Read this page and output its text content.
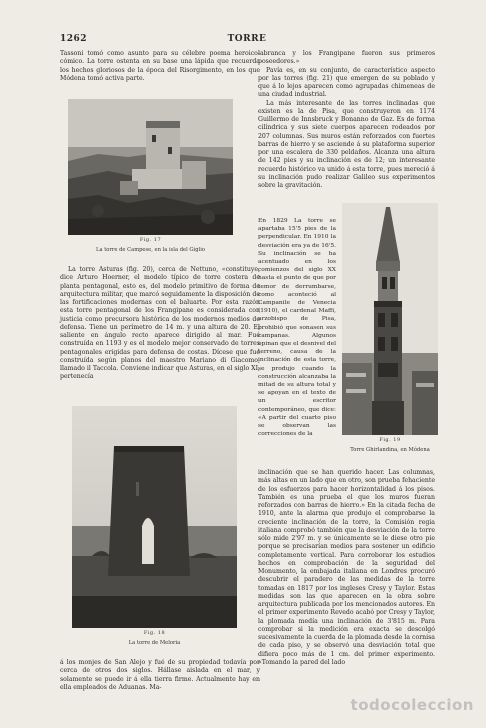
1262	TORRE

Tassoni tomó como asunto para su célebre poema heroico-cómico. La torre ostenta en su base una lápida que recuerda los hechos gloriosos de la época del Risorgimento, en los que Módena tomó activa parte.

Fig. 17
La torre de Campese, en la isla del Giglio

La torre Asturas (fig. 20), cerca de Nettuno, «constituye, dice Arturo Hoerner, el modelo típico de torre costera de planta pentagonal, esto es, del modelo primitivo de forma de arquitectura militar, que marcó seguidamente la disposición de las fortificaciones modernas con el baluarte. Por esta razón esta torre pentagonal de los Frangipane es considerada con justicia como precursora histórica de los modernos medios de defensa. Tiene un perímetro de 14 m. y una altura de 20. El saliente en ángulo recto aparece dirigido al mar. Fué construída en 1193 y es el modelo mejor conservado de torres pentagonales erigidas para defensa de costas. Dícese que fué construída según planos del maestro Mariano di Giacomo, llamado il Taccola. Conviene indicar que Asturas, en el siglo XI, pertenecía

Fig. 18
La torre de Meloria

á los monjes de San Alejo y fué de su propiedad todavía por cerca de otros dos siglos. Hállase aislada en el mar, y solamente se puede ir á ella tierra firme. Actualmente hay en ella empleados de Aduanas. Ma-

labranca y los Frangipane fueron sus primeros poseedores.»

Pavía es, en su conjunto, de característico aspecto por las torres (fig. 21) que emergen de su poblado y que á lo lejos aparecen como agrupadas chimeneas de una ciudad industrial.

La más interesante de las torres inclinadas que existen es la de Pisa, que construyeron en 1174 Guillermo de Innsbruck y Bonanno de Gaz. Es de forma cilíndrica y sus siete cuerpos aparecen rodeados por 207 columnas. Sus muros están reforzados con fuertes barras de hierro y se asciende á su plataforma superior por una escalera de 330 peldaños. Alcanza una altura de 142 pies y su inclinación es de 12; un interesante recuerdo histórico va unido á esta torre, pues mereció á su inclinación pudo realizar Galileo sus experimentos sobre la gravitación.

En 1829 La torre se apartaba 15'5 pies de la perpendicular. En 1910 la desviación era ya de 16'5. Su inclinación se ha acentuado en los comienzos del siglo XX hasta el punto de que por temor de derrumbarse, como aconteció al Campanile de Venecia (1910), el cardenal Maffi, arzobispo de Pisa, prohibió que sonasen sus campanas. Algunos opinan que el desnivel del terreno, causa de la inclinación de esta torre, se produjo cuando la construcción alcanzaba la mitad de su altura total y se apoyan en el texto de un escritor contemporáneo, que dice: «A partir del cuarto piso se observan las correcciones de la

Fig. 19
Torre Ghirlandina, en Módena

inclinación que se han querido hacer. Las columnas, más altas en un lado que en otro, son prueba fehaciente de los esfuerzos para hacer horizontalidad á los pisos. También es una prueba el que los muros fueran reforzados con barras de hierro.» En la citada fecha de 1910, ante la alarma que produjo el comprobarse la creciente inclinación de la torre, la Comisión regia italiana comprobó también que la desviación de la torre sólo mide 2'97 m. y se únicamente se le diese otro pie porque se precisarían medios para sostener un edificio completamente vertical. Para corroborar los estudios hechos en comprobación de la seguridad del Monumento, la embajada italiana en Londres procuró descubrir el paradero de las medidas de la torre tomadas en 1817 por los ingleses Cresy y Taylor. Estas medidas son las que aparecen en la obra sobre arquitectura publicada por los mencionados autores. En el primer experimento Revedo acabó por Cresy y Taylor, la plomada medía una inclinación de 3'815 m. Para comprobar si la medición era exacta se descolgó sucesivamente la cuerda de la plomada desde la cornisa de cada piso, y se observó una desviación total que difiera poco más de 1 cm. del primer experimento. «Tomando la pared del lado

todocoleccion
